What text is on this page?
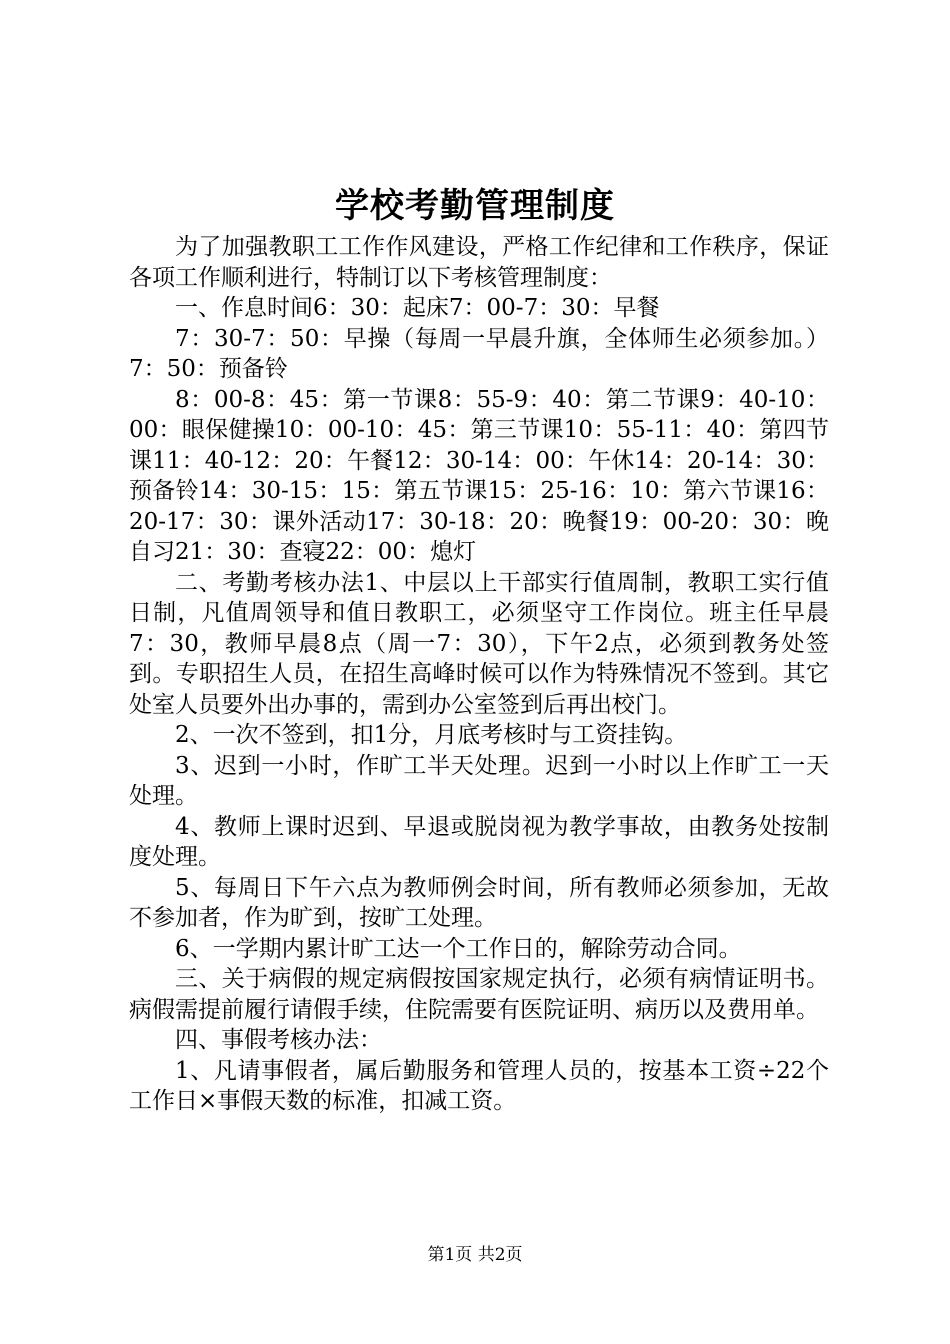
学校考勤管理制度

为了加强教职工工作作风建设，严格工作纪律和工作秩序，保证各项工作顺利进行，特制订以下考核管理制度：

一、作息时间6：30：起床7：00-7：30：早餐

7：30-7：50：早操（每周一早晨升旗，全体师生必须参加。）7：50：预备铃

8：00-8：45：第一节课8：55-9：40：第二节课9：40-10：00：眼保健操10：00-10：45：第三节课10：55-11：40：第四节课11：40-12：20：午餐12：30-14：00：午休14：20-14：30：预备铃14：30-15：15：第五节课15：25-16：10：第六节课16：20-17：30：课外活动17：30-18：20：晚餐19：00-20：30：晚自习21：30：查寝22：00：熄灯

二、考勤考核办法1、中层以上干部实行值周制，教职工实行值日制，凡值周领导和值日教职工，必须坚守工作岗位。班主任早晨7：30，教师早晨8点（周一7：30），下午2点，必须到教务处签到。专职招生人员，在招生高峰时候可以作为特殊情况不签到。其它处室人员要外出办事的，需到办公室签到后再出校门。

2、一次不签到，扣1分，月底考核时与工资挂钩。

3、迟到一小时，作旷工半天处理。迟到一小时以上作旷工一天处理。

4、教师上课时迟到、早退或脱岗视为教学事故，由教务处按制度处理。

5、每周日下午六点为教师例会时间，所有教师必须参加，无故不参加者，作为旷到，按旷工处理。

6、一学期内累计旷工达一个工作日的，解除劳动合同。

三、关于病假的规定病假按国家规定执行，必须有病情证明书。病假需提前履行请假手续，住院需要有医院证明、病历以及费用单。

四、事假考核办法：

1、凡请事假者，属后勤服务和管理人员的，按基本工资÷22个工作日×事假天数的标准，扣减工资。

第1页 共2页
